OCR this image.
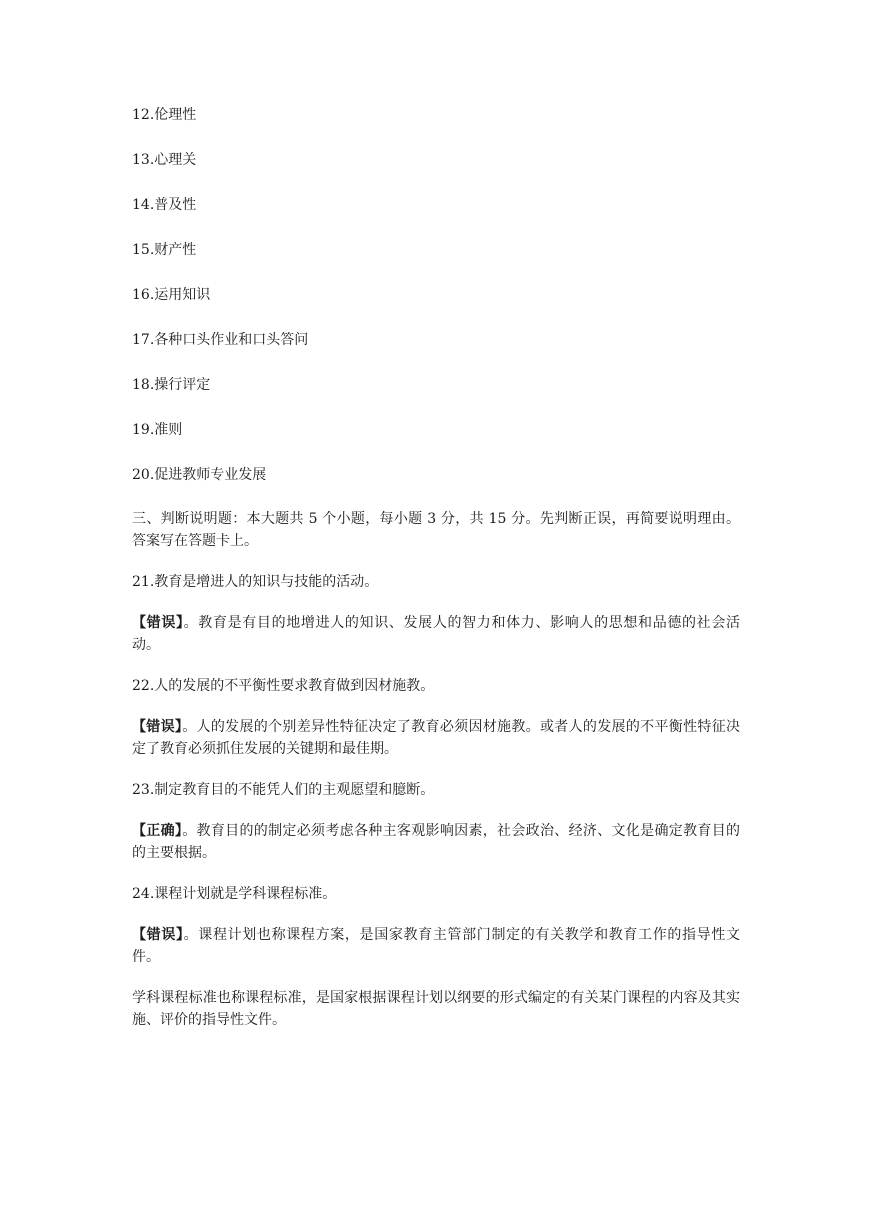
12.伦理性

13.心理关

14.普及性

15.财产性

16.运用知识

17.各种口头作业和口头答问

18.操行评定

19.准则

20.促进教师专业发展

三、判断说明题：本大题共 5 个小题，每小题 3 分，共 15 分。先判断正误，再简要说明理由。答案写在答题卡上。

21.教育是增进人的知识与技能的活动。

【错误】。教育是有目的地增进人的知识、发展人的智力和体力、影响人的思想和品德的社会活动。

22.人的发展的不平衡性要求教育做到因材施教。

【错误】。人的发展的个别差异性特征决定了教育必须因材施教。或者人的发展的不平衡性特征决定了教育必须抓住发展的关键期和最佳期。

23.制定教育目的不能凭人们的主观愿望和臆断。

【正确】。教育目的的制定必须考虑各种主客观影响因素，社会政治、经济、文化是确定教育目的的主要根据。

24.课程计划就是学科课程标准。

【错误】。课程计划也称课程方案，是国家教育主管部门制定的有关教学和教育工作的指导性文件。

学科课程标准也称课程标准，是国家根据课程计划以纲要的形式编定的有关某门课程的内容及其实施、评价的指导性文件。
